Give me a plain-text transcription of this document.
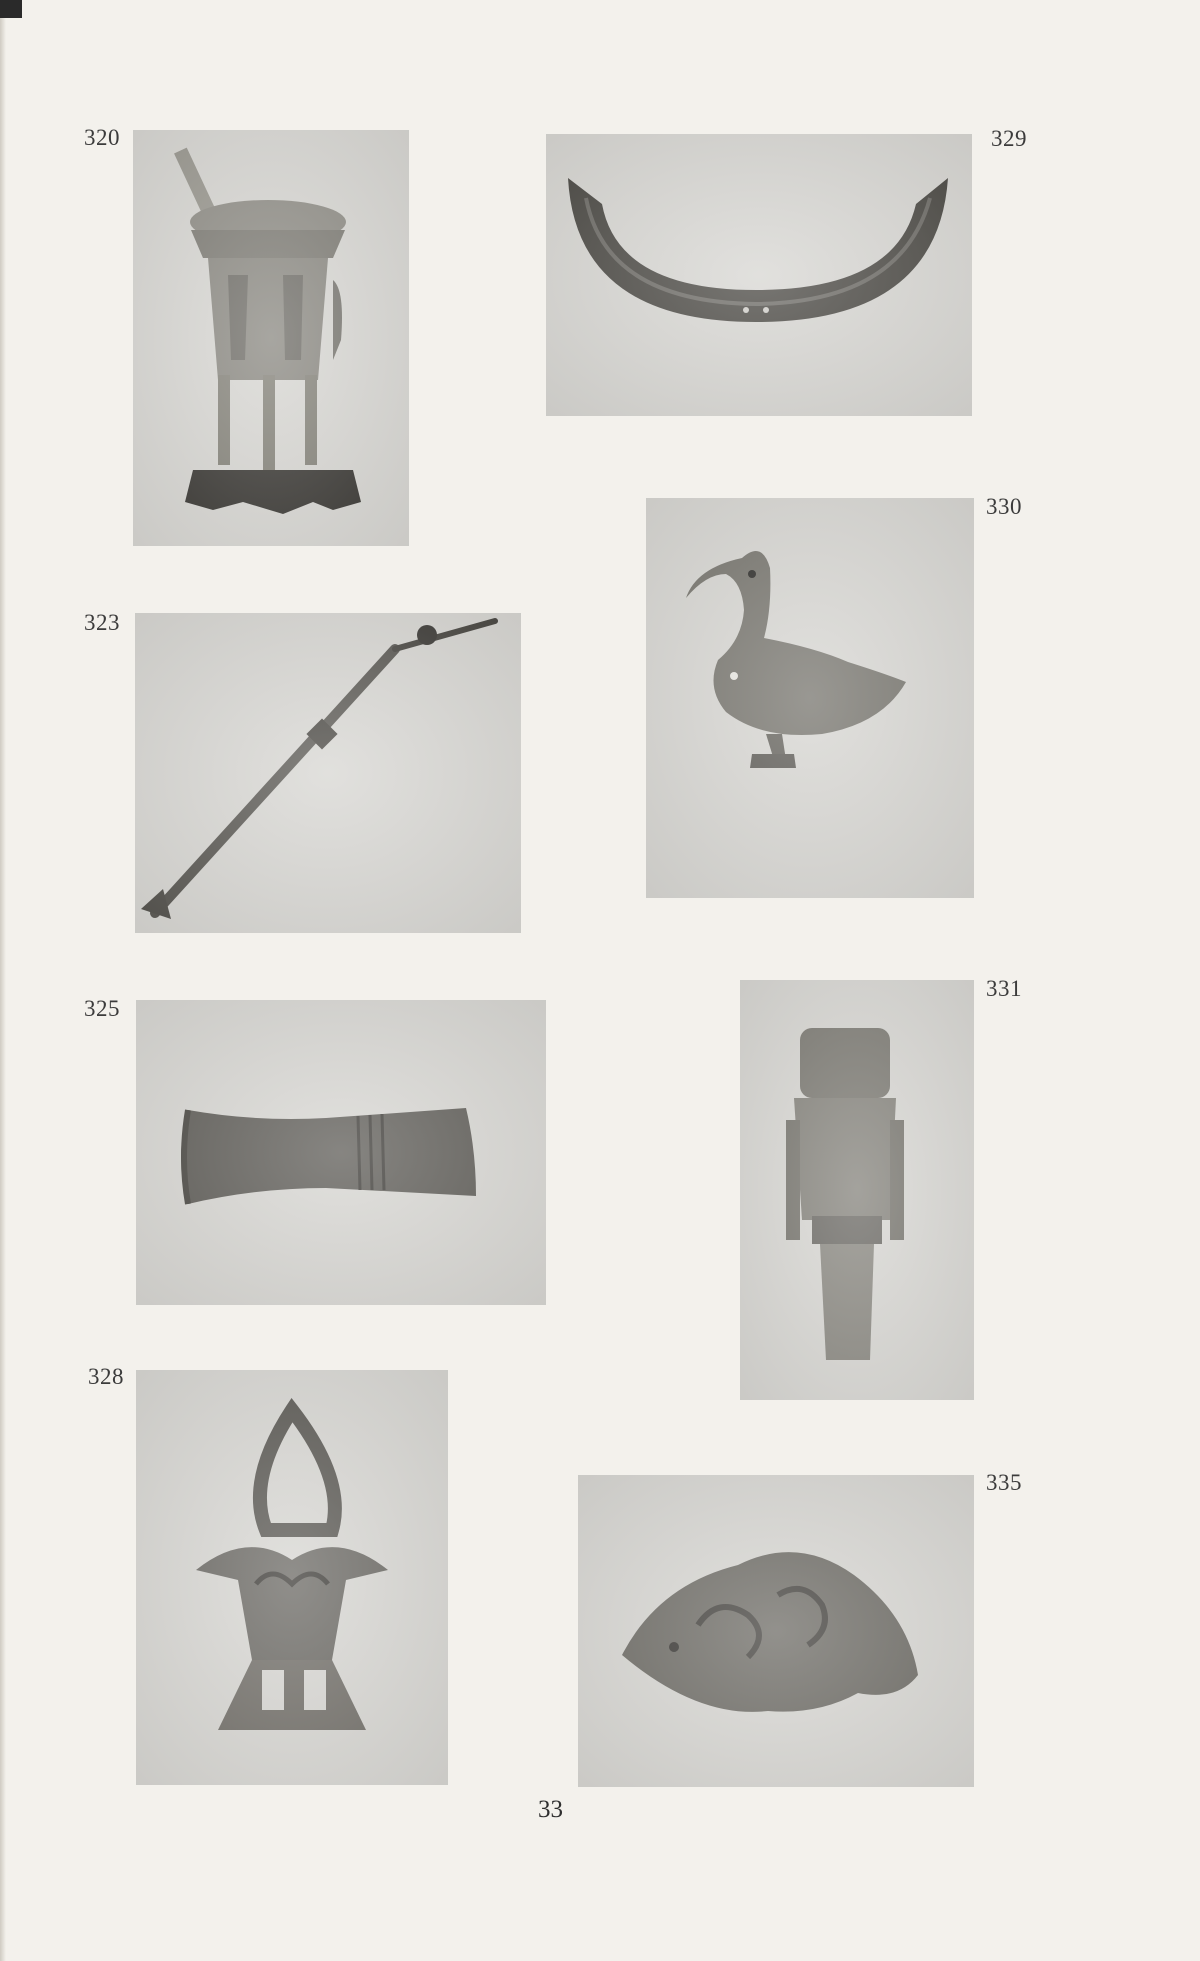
320	329
323
330
325
331
328
335
33
